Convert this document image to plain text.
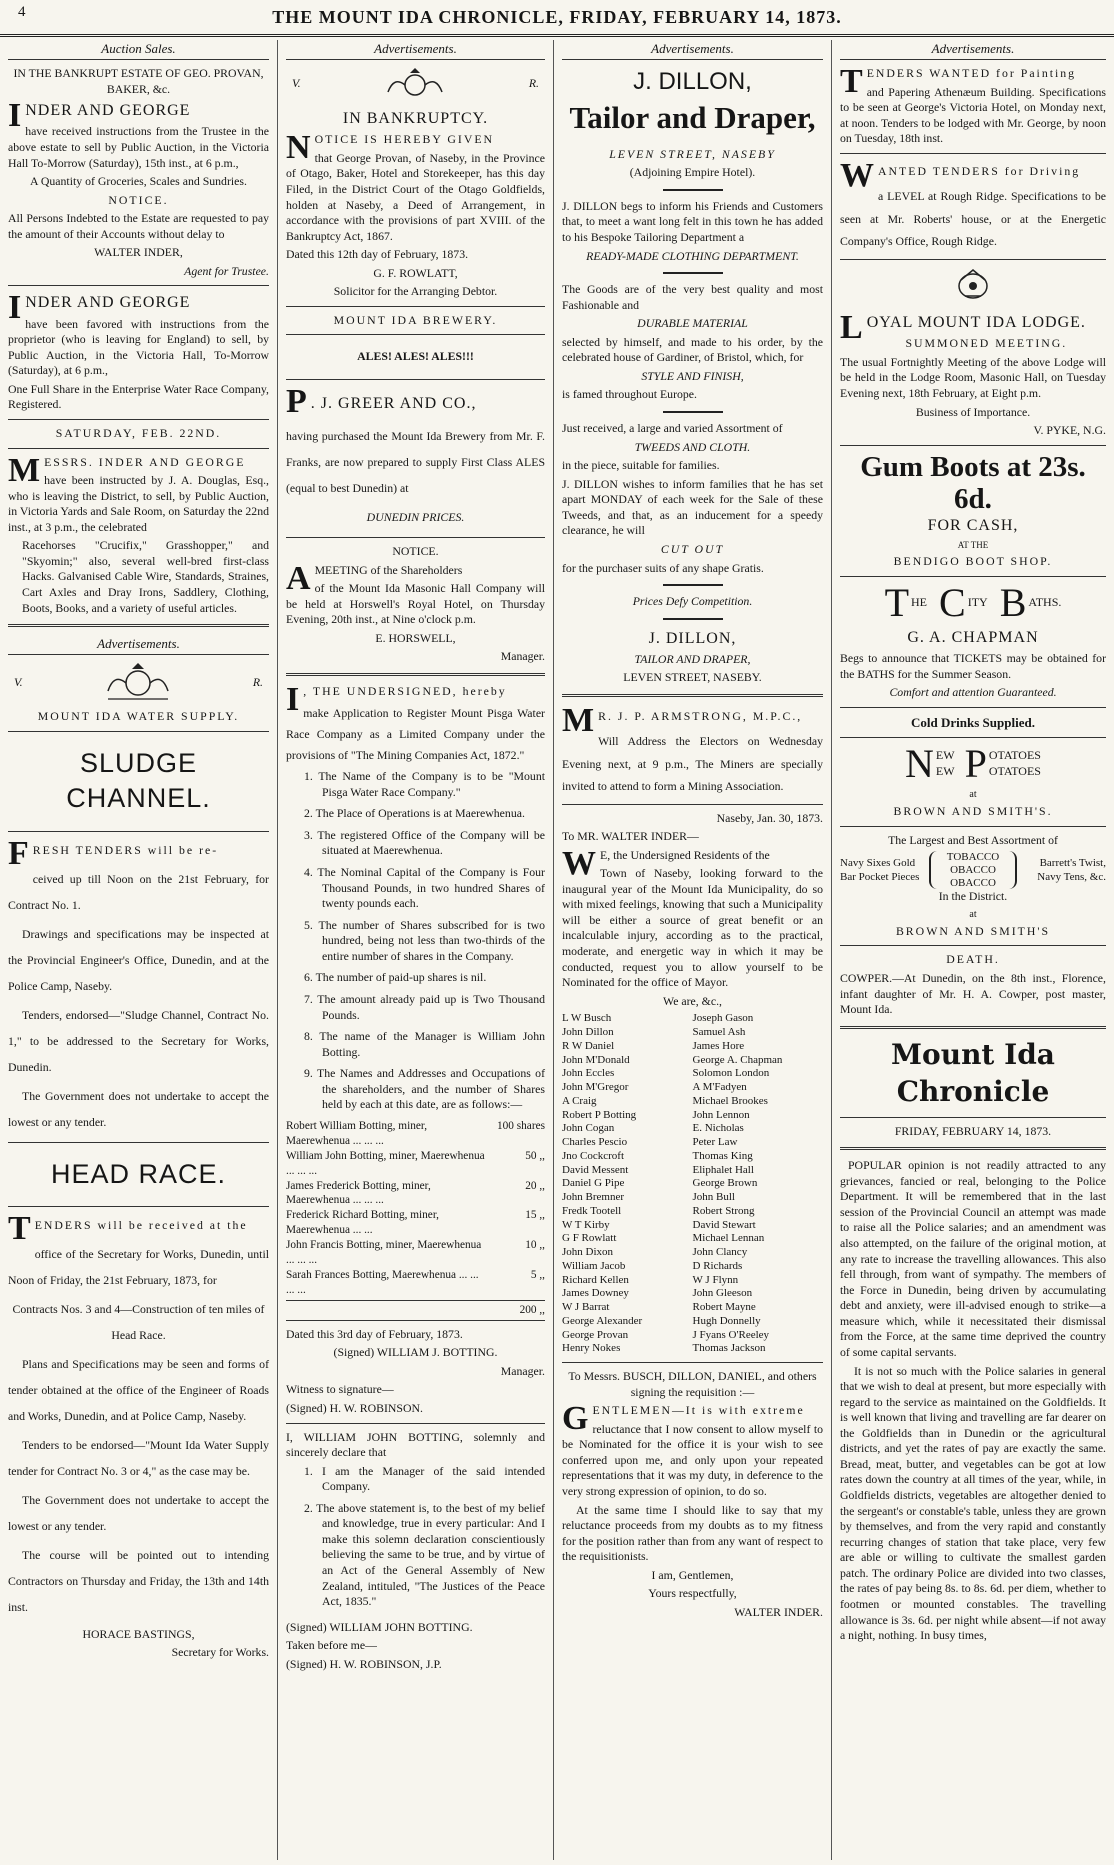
4	THE MOUNT IDA CHRONICLE, FRIDAY, FEBRUARY 14, 1873.
Auction Sales.

IN THE BANKRUPT ESTATE OF GEO. PROVAN, BAKER, &c.

I NDER AND GEORGE

have received instructions from the Trustee in the above estate to sell by Public Auction, in the Victoria Hall To-Morrow (Saturday), 15th inst., at 6 p.m.,

A Quantity of Groceries, Scales and Sundries.

NOTICE.

All Persons Indebted to the Estate are requested to pay the amount of their Accounts without delay to

WALTER INDER,

Agent for Trustee.

I NDER AND GEORGE

have been favored with instructions from the proprietor (who is leaving for England) to sell, by Public Auction, in the Victoria Hall, To-Morrow (Saturday), at 6 p.m.,

One Full Share in the Enterprise Water Race Company, Registered.

SATURDAY, FEB. 22ND.

M ESSRS. INDER AND GEORGE

have been instructed by J. A. Douglas, Esq., who is leaving the District, to sell, by Public Auction, in Victoria Yards and Sale Room, on Saturday the 22nd inst., at 3 p.m., the celebrated

Racehorses "Crucifix," Grasshopper," and "Skyomin;" also, several well-bred first-class Hacks. Galvanised Cable Wire, Standards, Straines, Cart Axles and Dray Irons, Saddlery, Clothing, Boots, Books, and a variety of useful articles.

Advertisements.
V.	R.

MOUNT IDA WATER SUPPLY.

SLUDGE CHANNEL.
F RESH TENDERS will be re-

ceived up till Noon on the 21st February, for Contract No. 1.

Drawings and specifications may be inspected at the Provincial Engineer's Office, Dunedin, and at the Police Camp, Naseby.

Tenders, endorsed—"Sludge Channel, Contract No. 1," to be addressed to the Secretary for Works, Dunedin.

The Government does not undertake to accept the lowest or any tender.

HEAD RACE.
T ENDERS will be received at the

office of the Secretary for Works, Dunedin, until Noon of Friday, the 21st February, 1873, for

Contracts Nos. 3 and 4—Construction of ten miles of Head Race.

Plans and Specifications may be seen and forms of tender obtained at the office of the Engineer of Roads and Works, Dunedin, and at Police Camp, Naseby.

Tenders to be endorsed—"Mount Ida Water Supply tender for Contract No. 3 or 4," as the case may be.

The Government does not undertake to accept the lowest or any tender.

The course will be pointed out to intending Contractors on Thursday and Friday, the 13th and 14th inst.

HORACE BASTINGS,

Secretary for Works.

Advertisements.
V.	R.

IN BANKRUPTCY.

N OTICE IS HEREBY GIVEN

that George Provan, of Naseby, in the Province of Otago, Baker, Hotel and Storekeeper, has this day Filed, in the District Court of the Otago Goldfields, holden at Naseby, a Deed of Arrangement, in accordance with the provisions of part XVIII. of the Bankruptcy Act, 1867.

Dated this 12th day of February, 1873.

G. F. ROWLATT,

Solicitor for the Arranging Debtor.

MOUNT IDA BREWERY.

ALES! ALES! ALES!!!

P . J. GREER AND CO.,

having purchased the Mount Ida Brewery from Mr. F. Franks, are now prepared to supply First Class ALES (equal to best Dunedin) at

DUNEDIN PRICES.

NOTICE.

A MEETING of the Shareholders

of the Mount Ida Masonic Hall Company will be held at Horswell's Royal Hotel, on Thursday Evening, 20th inst., at Nine o'clock p.m.

E. HORSWELL,

Manager.

I , THE UNDERSIGNED, hereby

make Application to Register Mount Pisga Water Race Company as a Limited Company under the provisions of "The Mining Companies Act, 1872."

1. The Name of the Company is to be "Mount Pisga Water Race Company."

2. The Place of Operations is at Maerewhenua.

3. The registered Office of the Company will be situated at Maerewhenua.

4. The Nominal Capital of the Company is Four Thousand Pounds, in two hundred Shares of twenty pounds each.

5. The number of Shares subscribed for is two hundred, being not less than two-thirds of the entire number of shares in the Company.

6. The number of paid-up shares is nil.

7. The amount already paid up is Two Thousand Pounds.

8. The name of the Manager is William John Botting.

9. The Names and Addresses and Occupations of the shareholders, and the number of Shares held by each at this date, are as follows:—

Robert William Botting, miner, Maerewhenua ... ... ...
100 shares
William John Botting, miner, Maerewhenua ... ... ...
50 ,,
James Frederick Botting, miner, Maerewhenua ... ... ...
20 ,,
Frederick Richard Botting, miner, Maerewhenua ... ...
15 ,,
John Francis Botting, miner, Maerewhenua ... ... ...
10 ,,
Sarah Frances Botting, Maerewhenua ... ... ... ...
5 ,,
200 ,,

Dated this 3rd day of February, 1873.

(Signed) WILLIAM J. BOTTING.

Manager.

Witness to signature—

(Signed) H. W. ROBINSON.

I, WILLIAM JOHN BOTTING, solemnly and sincerely declare that

1. I am the Manager of the said intended Company.

2. The above statement is, to the best of my belief and knowledge, true in every particular: And I make this solemn declaration conscientiously believing the same to be true, and by virtue of an Act of the General Assembly of New Zealand, intituled, "The Justices of the Peace Act, 1835."

(Signed) WILLIAM JOHN BOTTING.

Taken before me—

(Signed) H. W. ROBINSON, J.P.

Advertisements.
J. DILLON,
Tailor and Draper,

LEVEN STREET, NASEBY

(Adjoining Empire Hotel).

J. DILLON begs to inform his Friends and Customers that, to meet a want long felt in this town he has added to his Bespoke Tailoring Department a

READY-MADE CLOTHING DEPARTMENT.

The Goods are of the very best quality and most Fashionable and

DURABLE MATERIAL

selected by himself, and made to his order, by the celebrated house of Gardiner, of Bristol, which, for

STYLE AND FINISH,

is famed throughout Europe.

Just received, a large and varied Assortment of

TWEEDS AND CLOTH.

in the piece, suitable for families.

J. DILLON wishes to inform families that he has set apart MONDAY of each week for the Sale of these Tweeds, and that, as an inducement for a speedy clearance, he will

CUT OUT

for the purchaser suits of any shape Gratis.

Prices Defy Competition.

J. DILLON,

TAILOR AND DRAPER,

LEVEN STREET, NASEBY.

M R. J. P. ARMSTRONG, M.P.C.,

Will Address the Electors on Wednesday Evening next, at 9 p.m., The Miners are specially invited to attend to form a Mining Association.

Naseby, Jan. 30, 1873.

To MR. WALTER INDER—

W E, the Undersigned Residents of the

Town of Naseby, looking forward to the inaugural year of the Mount Ida Municipality, do so with mixed feelings, knowing that such a Municipality will be either a source of great benefit or an incalculable injury, according as to the practical, moderate, and energetic way in which it may be conducted, request you to allow yourself to be Nominated for the office of Mayor.

We are, &c.,

L W Busch
John Dillon
R W Daniel
John M'Donald
John Eccles
John M'Gregor
A Craig
Robert P Botting
John Cogan
Charles Pescio
Jno Cockcroft
David Messent
Daniel G Pipe
John Bremner
Fredk Tootell
W T Kirby
G F Rowlatt
John Dixon
William Jacob
Richard Kellen
James Downey
W J Barrat
George Alexander
George Provan
Henry Nokes
Joseph Gason
Samuel Ash
James Hore
George A. Chapman
Solomon London
A M'Fadyen
Michael Brookes
John Lennon
E. Nicholas
Peter Law
Thomas King
Eliphalet Hall
George Brown
John Bull
Robert Strong
David Stewart
Michael Lennan
John Clancy
D Richards
W J Flynn
John Gleeson
Robert Mayne
Hugh Donnelly
J Fyans O'Reeley
Thomas Jackson

To Messrs. BUSCH, DILLON, DANIEL, and others signing the requisition :—

G ENTLEMEN—It is with extreme

reluctance that I now consent to allow myself to be Nominated for the office it is your wish to see conferred upon me, and only upon your repeated representations that it was my duty, in deference to the very strong expression of opinion, to do so.

At the same time I should like to say that my reluctance proceeds from my doubts as to my fitness for the position rather than from any want of respect to the requisitionists.

I am, Gentlemen,

Yours respectfully,

WALTER INDER.

Advertisements.
T ENDERS WANTED for Painting

and Papering Athenæum Building. Specifications to be seen at George's Victoria Hotel, on Monday next, at noon. Tenders to be lodged with Mr. George, by noon on Tuesday, 18th inst.

W ANTED TENDERS for Driving

a LEVEL at Rough Ridge. Specifications to be seen at Mr. Roberts' house, or at the Energetic Company's Office, Rough Ridge.

L OYAL MOUNT IDA LODGE.

SUMMONED MEETING.

The usual Fortnightly Meeting of the above Lodge will be held in the Lodge Room, Masonic Hall, on Tuesday Evening next, 18th February, at Eight p.m.

Business of Importance.

V. PYKE, N.G.

Gum Boots at 23s. 6d.

FOR CASH,

AT THE

BENDIGO BOOT SHOP.

T HE C ITY B ATHS.

G. A. CHAPMAN

Begs to announce that TICKETS may be obtained for the BATHS for the Summer Season.

Comfort and attention Guaranteed.

Cold Drinks Supplied.

N EW
EW P OTATOES
OTATOES

at

BROWN AND SMITH'S.

The Largest and Best Assortment of

Navy Sixes Gold Bar Pocket Pieces
TOBACCO
OBACCO
OBACCO
Barrett's Twist, Navy Tens, &c.

In the District.

at

BROWN AND SMITH'S

DEATH.

COWPER.—At Dunedin, on the 8th inst., Florence, infant daughter of Mr. H. A. Cowper, post master, Mount Ida.

Mount Ida Chronicle

FRIDAY, FEBRUARY 14, 1873.

POPULAR opinion is not readily attracted to any grievances, fancied or real, belonging to the Police Department. It will be remembered that in the last session of the Provincial Council an attempt was made to raise all the Police salaries; and an amendment was also attempted, on the failure of the original motion, at any rate to increase the travelling allowances. This also fell through, from want of sympathy. The members of the Force in Dunedin, being driven by accumulating debt and anxiety, were ill-advised enough to strike—a measure which, while it necessitated their dismissal from the Force, at the same time deprived the country of some capital servants.

It is not so much with the Police salaries in general that we wish to deal at present, but more especially with regard to the service as maintained on the Goldfields. It is well known that living and travelling are far dearer on the Goldfields than in Dunedin or the agricultural districts, and yet the rates of pay are exactly the same. Bread, meat, butter, and vegetables can be got at low rates down the country at all times of the year, while, in Goldfields districts, vegetables are altogether denied to the sergeant's or constable's table, unless they are grown by themselves, and from the very rapid and constantly recurring changes of station that take place, very few are able or willing to cultivate the smallest garden patch. The ordinary Police are divided into two classes, the rates of pay being 8s. to 8s. 6d. per diem, whether to footmen or mounted constables. The travelling allowance is 3s. 6d. per night while absent—if not away a night, nothing. In busy times,
